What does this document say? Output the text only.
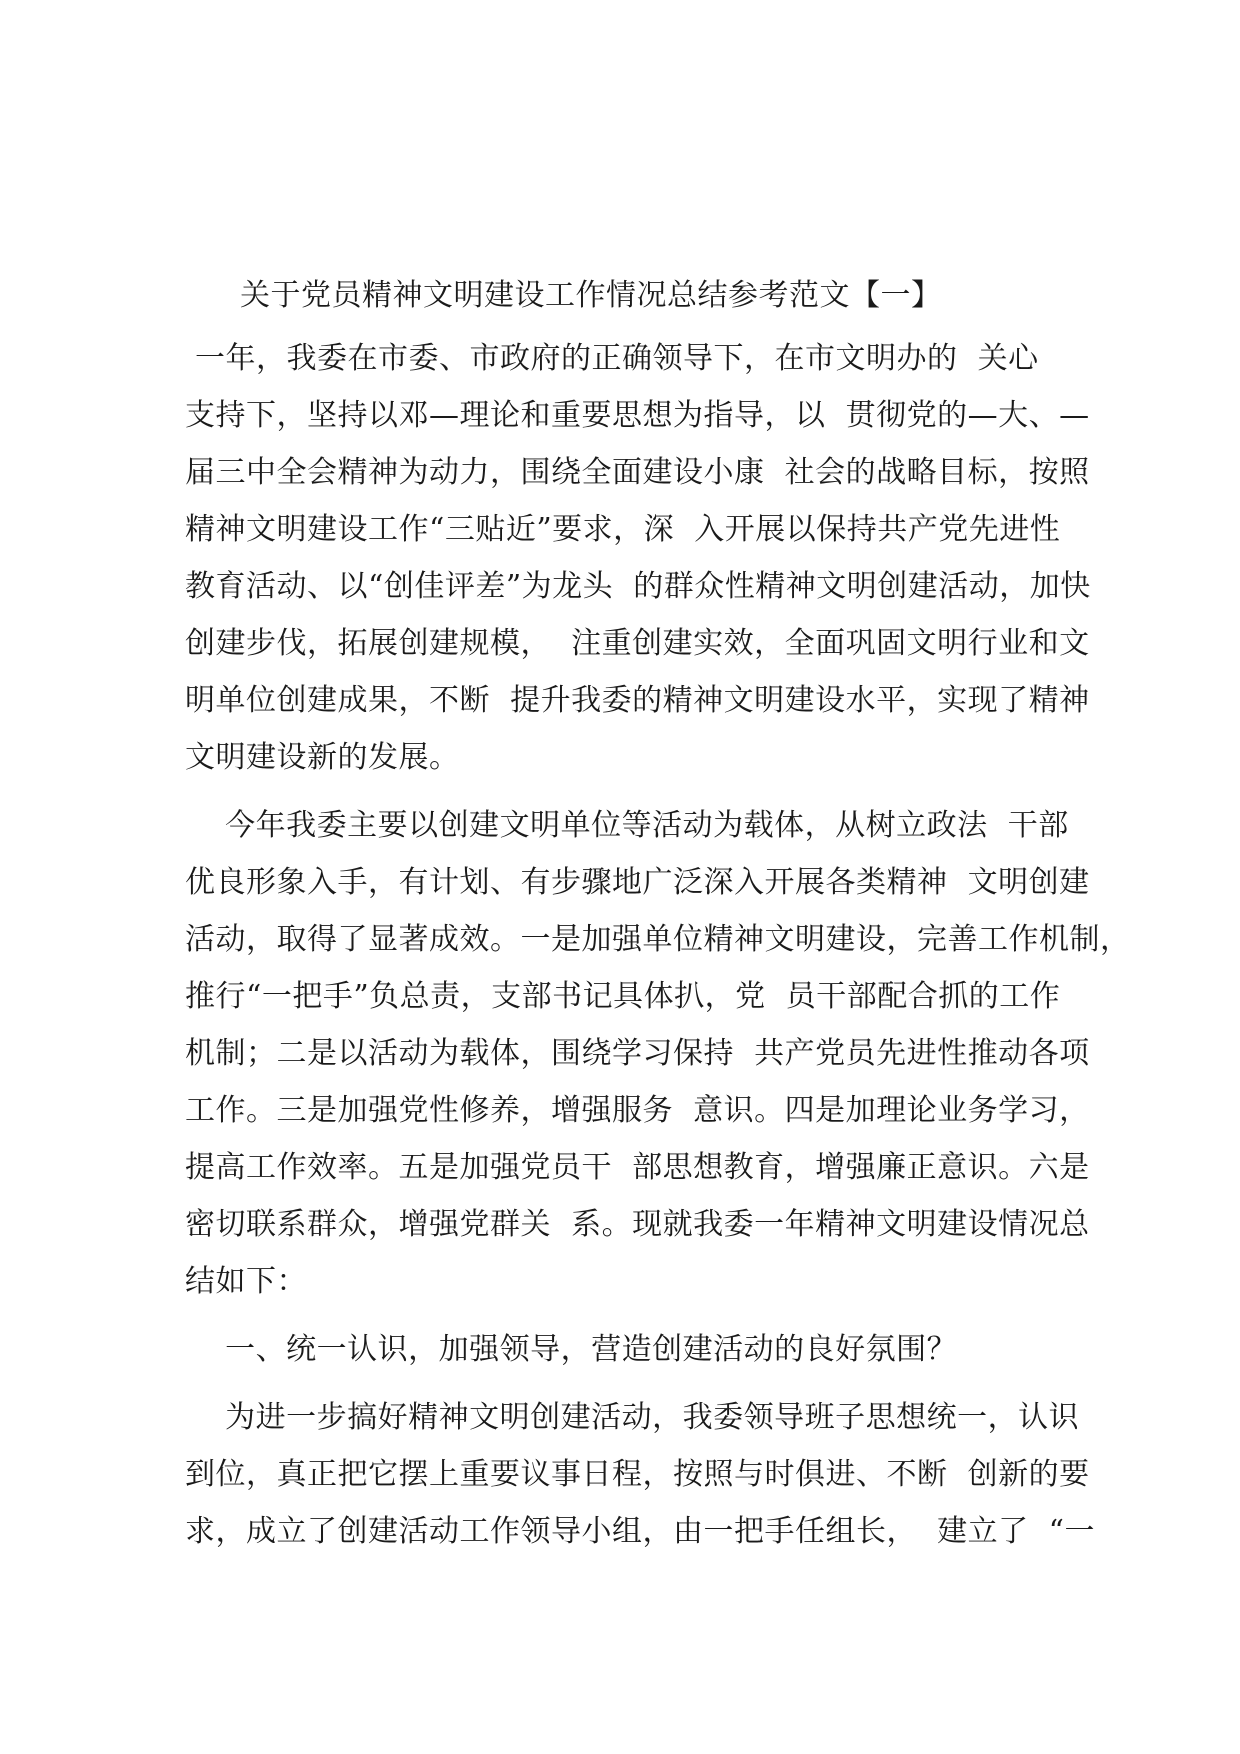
关于党员精神文明建设工作情况总结参考范文【一】
一年，我委在市委、市政府的正确领导下，在市文明办的  关心
支持下，坚持以邓—理论和重要思想为指导，以  贯彻党的—大、—
届三中全会精神为动力，围绕全面建设小康  社会的战略目标，按照
精神文明建设工作“三贴近”要求，深  入开展以保持共产党先进性
教育活动、以“创佳评差”为龙头  的群众性精神文明创建活动，加快
创建步伐，拓展创建规模，  注重创建实效，全面巩固文明行业和文
明单位创建成果，不断  提升我委的精神文明建设水平，实现了精神
文明建设新的发展。
今年我委主要以创建文明单位等活动为载体，从树立政法  干部
优良形象入手，有计划、有步骤地广泛深入开展各类精神  文明创建
活动，取得了显著成效。一是加强单位精神文明建设，完善工作机制，
推行“一把手”负总责，支部书记具体扒，党  员干部配合抓的工作
机制；二是以活动为载体，围绕学习保持  共产党员先进性推动各项
工作。三是加强党性修养，增强服务  意识。四是加理论业务学习，
提高工作效率。五是加强党员干  部思想教育，增强廉正意识。六是
密切联系群众，增强党群关  系。现就我委一年精神文明建设情况总
结如下：
一、统一认识，加强领导，营造创建活动的良好氛围？
为进一步搞好精神文明创建活动，我委领导班子思想统一，认识
到位，真正把它摆上重要议事日程，按照与时俱进、不断  创新的要
求，成立了创建活动工作领导小组，由一把手任组长，  建立了  “一
